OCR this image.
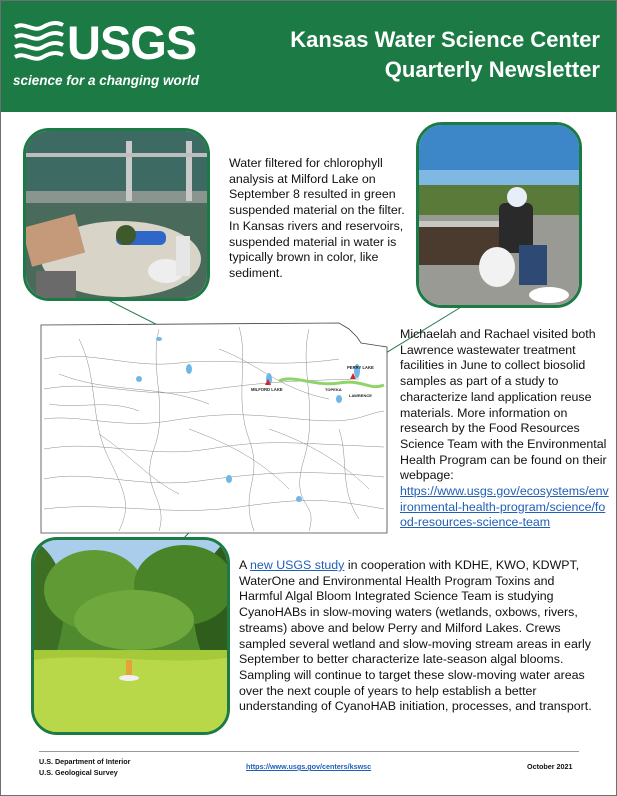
USGS
science for a changing world
Kansas Water Science Center
Quarterly Newsletter
Water filtered for chlorophyll analysis at Milford Lake on September 8 resulted in green suspended material on the filter. In Kansas rivers and reservoirs, suspended material in water is typically brown in color, like sediment.
MILFORD LAKE
PERRY LAKE
TOPEKA
LAWRENCE
Michaelah and Rachael visited both Lawrence wastewater treatment facilities in June to collect biosolid samples as part of a study to characterize land application reuse materials. More information on research by the Food Resources Science Team with the Environmental Health Program can be found on their webpage:
https://www.usgs.gov/ecosystems/environmental-health-program/science/food-resources-science-team
A new USGS study in cooperation with KDHE, KWO, KDWPT, WaterOne and Environmental Health Program Toxins and Harmful Algal Bloom Integrated Science Team is studying CyanoHABs in slow-moving waters (wetlands, oxbows, rivers, streams) above and below Perry and Milford Lakes. Crews sampled several wetland and slow-moving stream areas in early September to better characterize late-season algal blooms. Sampling will continue to target these slow-moving water areas over the next couple of years to help establish a better understanding of CyanoHAB initiation, processes, and transport.
U.S. Department of Interior
U.S. Geological Survey
https://www.usgs.gov/centers/kswsc	October 2021
